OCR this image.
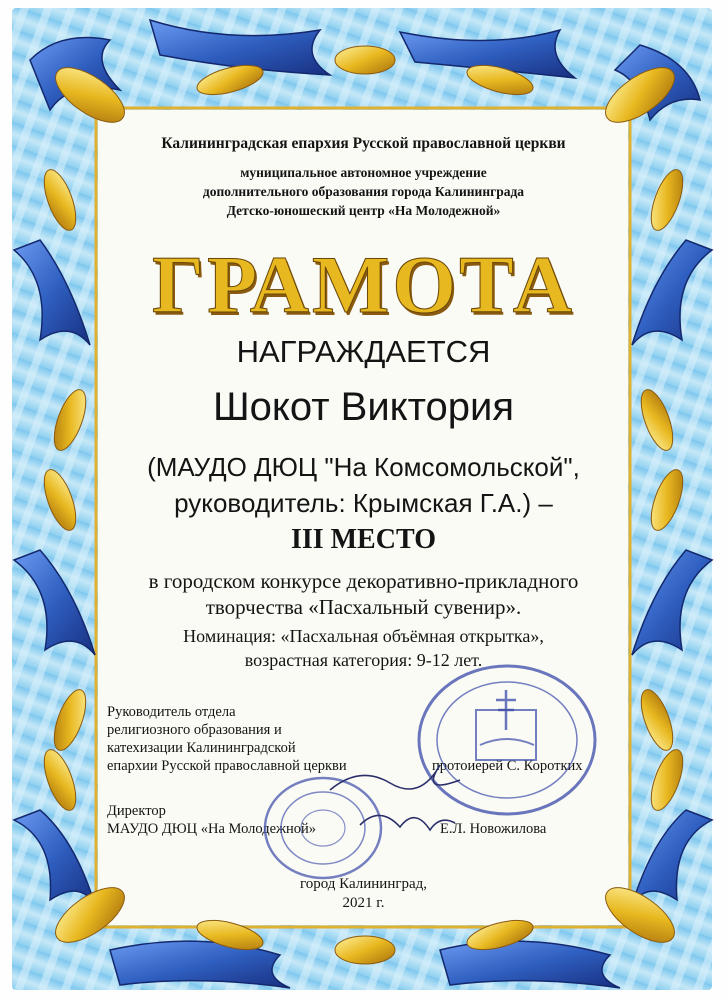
Калининградская епархия Русской православной церкви
муниципальное автономное учреждение
дополнительного образования города Калининграда
Детско-юношеский центр «На Молодежной»
ГРАМОТА
НАГРАЖДАЕТСЯ
Шокот Виктория
(МАУДО ДЮЦ "На Комсомольской",
руководитель: Крымская Г.А.) –
III МЕСТО
в городском конкурсе декоративно-прикладного
творчества «Пасхальный сувенир».
Номинация: «Пасхальная объёмная открытка»,
возрастная категория: 9-12 лет.
Руководитель отдела
религиозного образования и
катехизации Калининградской
епархии Русской православной церкви	протоиерей С. Коротких
Директор
МАУДО ДЮЦ «На Молодежной»	Е.Л. Новожилова
город Калининград,
2021 г.
